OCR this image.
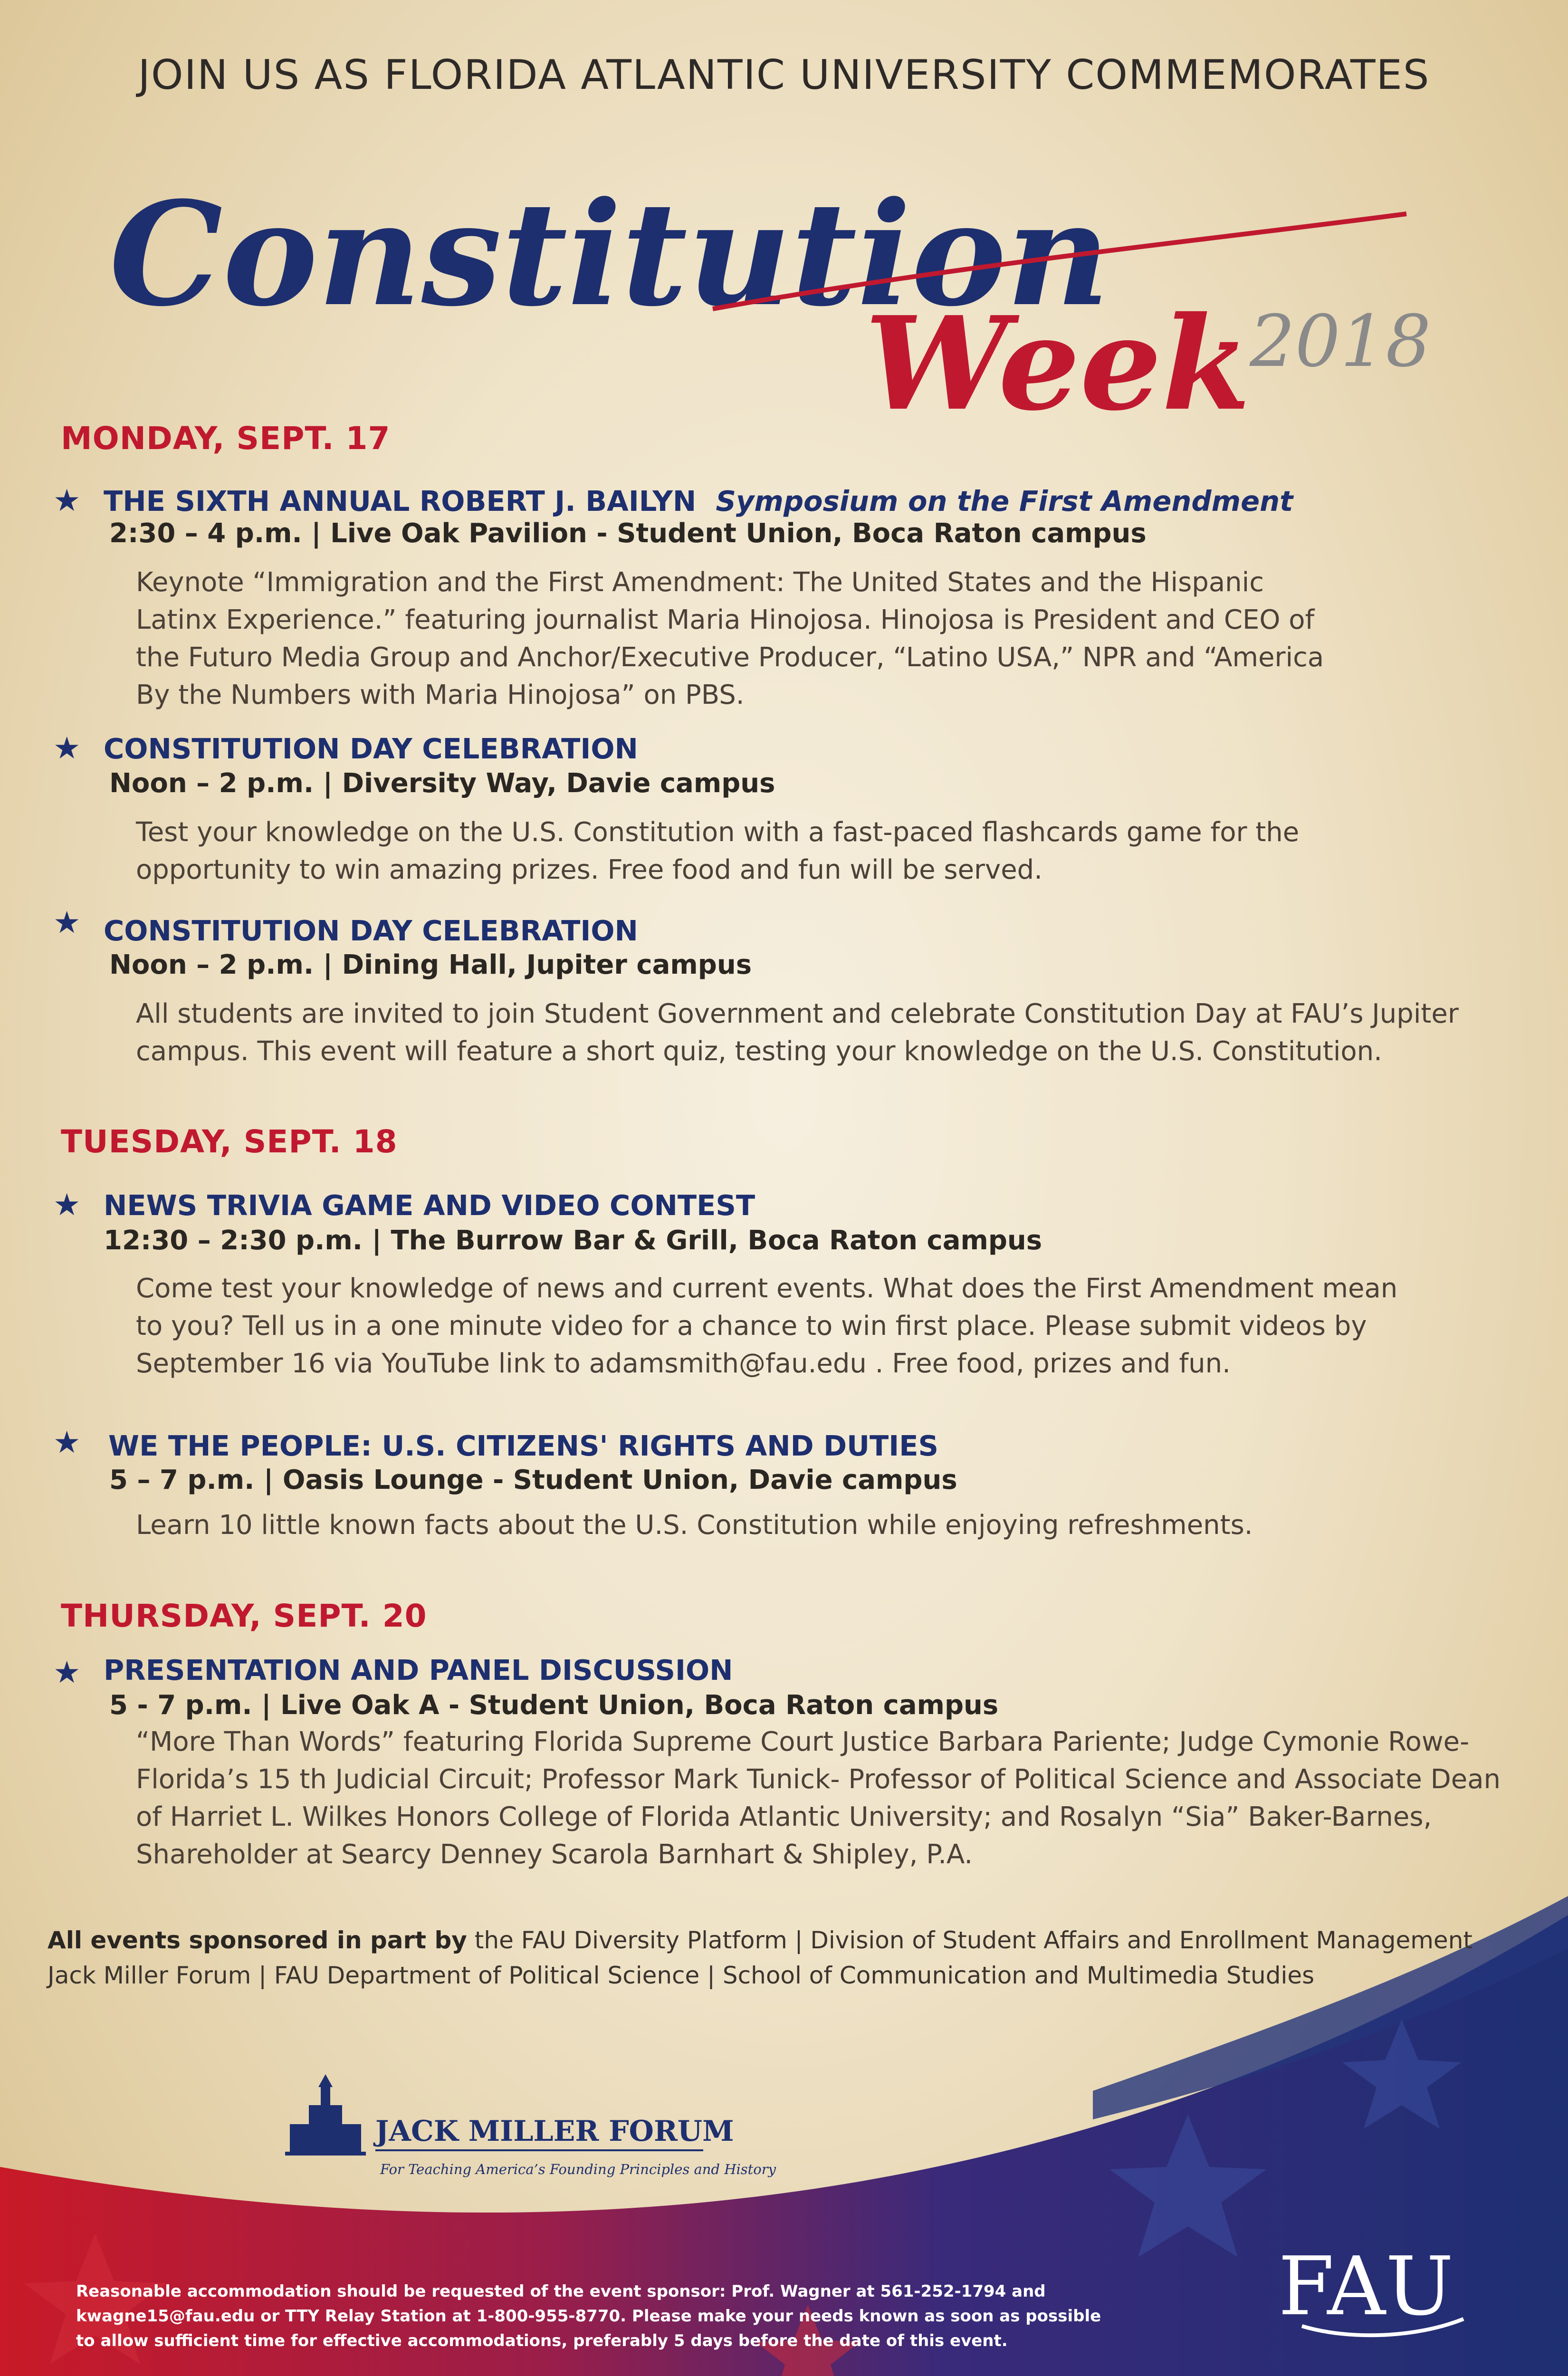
JOIN US AS FLORIDA ATLANTIC UNIVERSITY COMMEMORATES
Constitution
Week
2018
MONDAY, SEPT. 17
★ THE SIXTH ANNUAL ROBERT J. BAILYN Symposium on the First Amendment
2:30 – 4 p.m. | Live Oak Pavilion - Student Union, Boca Raton campus

Keynote “Immigration and the First Amendment: The United States and the Hispanic

Latinx Experience.” featuring journalist Maria Hinojosa. Hinojosa is President and CEO of

the Futuro Media Group and Anchor/Executive Producer, “Latino USA,” NPR and “America

By the Numbers with Maria Hinojosa” on PBS.

★ CONSTITUTION DAY CELEBRATION
Noon – 2 p.m. | Diversity Way, Davie campus

Test your knowledge on the U.S. Constitution with a fast-paced flashcards game for the

opportunity to win amazing prizes. Free food and fun will be served.

★ CONSTITUTION DAY CELEBRATION
Noon – 2 p.m. | Dining Hall, Jupiter campus

All students are invited to join Student Government and celebrate Constitution Day at FAU’s Jupiter

campus. This event will feature a short quiz, testing your knowledge on the U.S. Constitution.

TUESDAY, SEPT. 18
★ NEWS TRIVIA GAME AND VIDEO CONTEST
12:30 – 2:30 p.m. | The Burrow Bar & Grill, Boca Raton campus

Come test your knowledge of news and current events. What does the First Amendment mean

to you? Tell us in a one minute video for a chance to win first place. Please submit videos by

September 16 via YouTube link to adamsmith@fau.edu . Free food, prizes and fun.

★ WE THE PEOPLE: U.S. CITIZENS' RIGHTS AND DUTIES
5 – 7 p.m. | Oasis Lounge - Student Union, Davie campus

Learn 10 little known facts about the U.S. Constitution while enjoying refreshments.

THURSDAY, SEPT. 20
★ PRESENTATION AND PANEL DISCUSSION
5 - 7 p.m. | Live Oak A - Student Union, Boca Raton campus

“More Than Words” featuring Florida Supreme Court Justice Barbara Pariente; Judge Cymonie Rowe-

Florida’s 15 th Judicial Circuit; Professor Mark Tunick- Professor of Political Science and Associate Dean

of Harriet L. Wilkes Honors College of Florida Atlantic University; and Rosalyn “Sia” Baker-Barnes,

Shareholder at Searcy Denney Scarola Barnhart & Shipley, P.A.

All events sponsored in part by the FAU Diversity Platform | Division of Student Affairs and Enrollment Management
Jack Miller Forum | FAU Department of Political Science | School of Communication and Multimedia Studies
JACK MILLER FORUM
For Teaching America’s Founding Principles and History
Reasonable accommodation should be requested of the event sponsor: Prof. Wagner at 561-252-1794 and
kwagne15@fau.edu or TTY Relay Station at 1-800-955-8770. Please make your needs known as soon as possible
to allow sufficient time for effective accommodations, preferably 5 days before the date of this event.
FAU
